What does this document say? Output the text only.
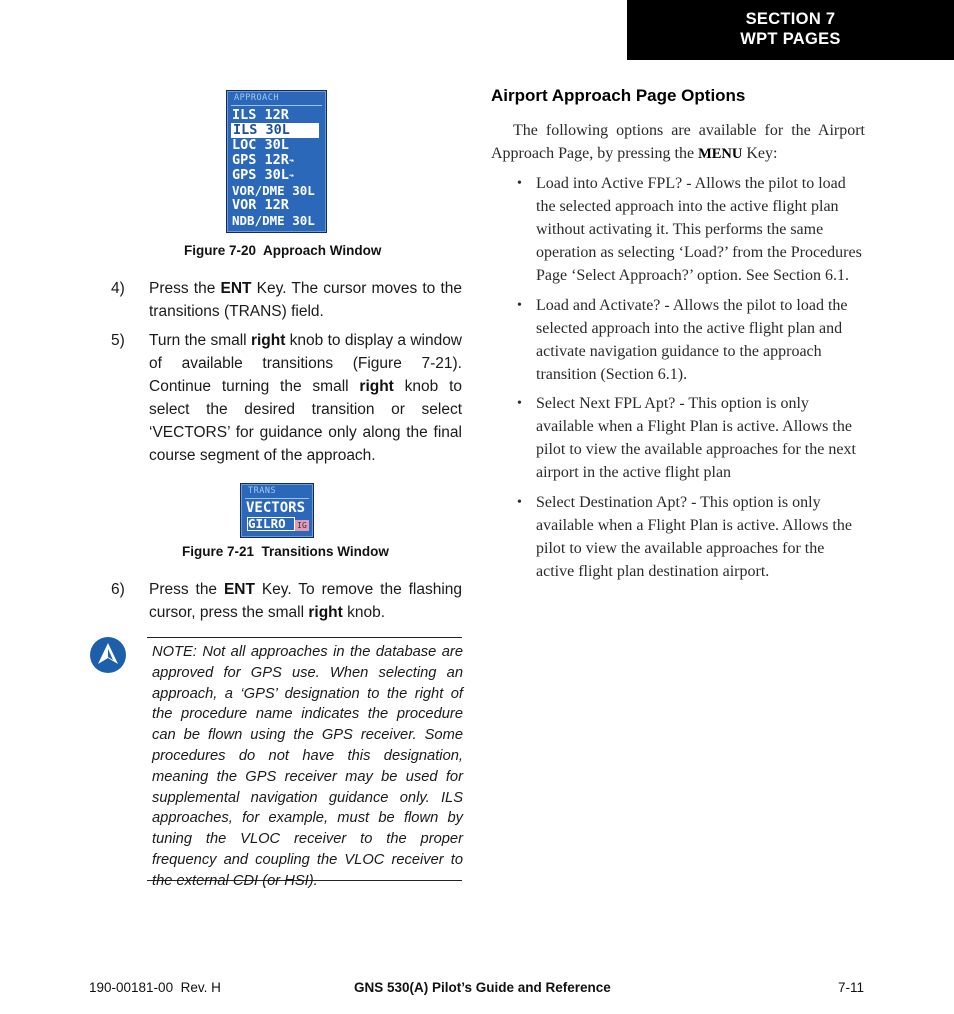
SECTION 7
WPT PAGES
APPROACH
ILS 12R
ILS 30L
LOC 30L
GPS 12R↝
GPS 30L↝
VOR/DME 30L
VOR 12R
NDB/DME 30L
Figure 7-20  Approach Window
4) Press the ENT Key. The cursor moves to the transitions (TRANS) field.
5) Turn the small right knob to display a window of available transitions (Figure 7-21). Continue turning the small right knob to select the desired transition or select ‘VECTORS’ for guidance only along the final course segment of the approach.
TRANS
VECTORS
GILRO IG
Figure 7-21  Transitions Window
6) Press the ENT Key. To remove the flashing cursor, press the small right knob.
NOTE: Not all approaches in the database are approved for GPS use. When selecting an approach, a ‘GPS’ designation to the right of the procedure name indicates the procedure can be flown using the GPS receiver. Some procedures do not have this designation, meaning the GPS receiver may be used for supplemental navigation guidance only. ILS approaches, for example, must be flown by tuning the VLOC receiver to the proper frequency and coupling the VLOC receiver to the external CDI (or HSI).
Airport Approach Page Options
The following options are available for the Airport Approach Page, by pressing the MENU Key:
• Load into Active FPL? - Allows the pilot to load the selected approach into the active flight plan without activating it. This performs the same operation as selecting ‘Load?’ from the Procedures Page ‘Select Approach?’ option. See Section 6.1.
• Load and Activate? - Allows the pilot to load the selected approach into the active flight plan and activate navigation guidance to the approach transition (Section 6.1).
• Select Next FPL Apt? - This option is only available when a Flight Plan is active. Allows the pilot to view the available approaches for the next airport in the active flight plan
• Select Destination Apt? - This option is only available when a Flight Plan is active. Allows the pilot to view the available approaches for the active flight plan destination airport.
190-00181-00  Rev. H	GNS 530(A) Pilot’s Guide and Reference	7-11
